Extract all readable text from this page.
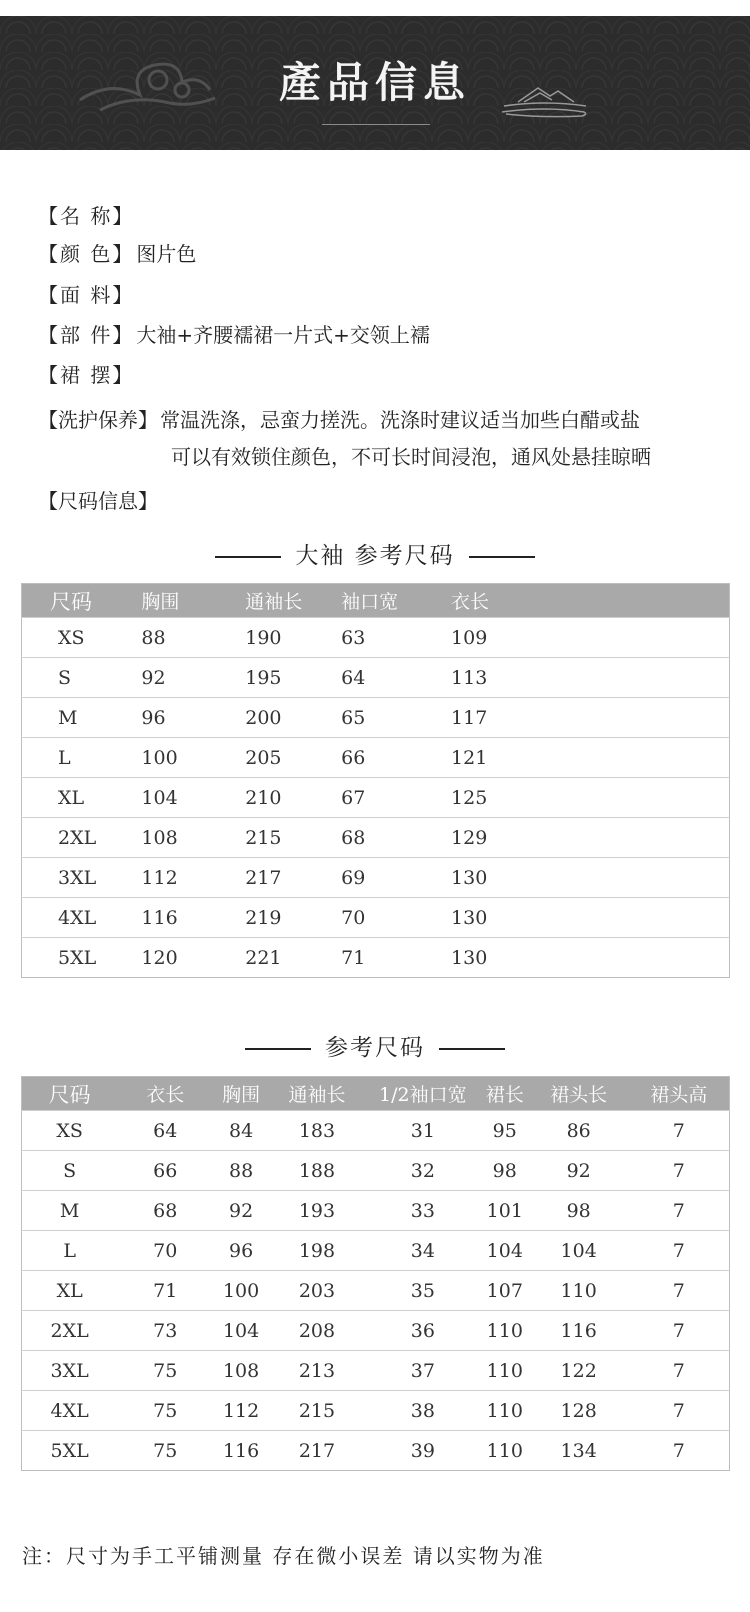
產品信息
【名 称】
【颜 色】 图片色
【面 料】
【部 件】 大袖+齐腰襦裙一片式+交领上襦
【裙 摆】
【洗护保养】 常温洗涤，忌蛮力搓洗。洗涤时建议适当加些白醋或盐
可以有效锁住颜色，不可长时间浸泡，通风处悬挂晾晒
【尺码信息】
大袖 参考尺码
尺码	胸围	通袖长	袖口宽	衣长
XS	88	190	63	109
S	92	195	64	113
M	96	200	65	117
L	100	205	66	121
XL	104	210	67	125
2XL	108	215	68	129
3XL	112	217	69	130
4XL	116	219	70	130
5XL	120	221	71	130
参考尺码
尺码	衣长	胸围	通袖长	1/2袖口宽	裙长	裙头长	裙头高
XS	64	84	183	31	95	86	7
S	66	88	188	32	98	92	7
M	68	92	193	33	101	98	7
L	70	96	198	34	104	104	7
XL	71	100	203	35	107	110	7
2XL	73	104	208	36	110	116	7
3XL	75	108	213	37	110	122	7
4XL	75	112	215	38	110	128	7
5XL	75	116	217	39	110	134	7
注：尺寸为手工平铺测量 存在微小误差 请以实物为准
